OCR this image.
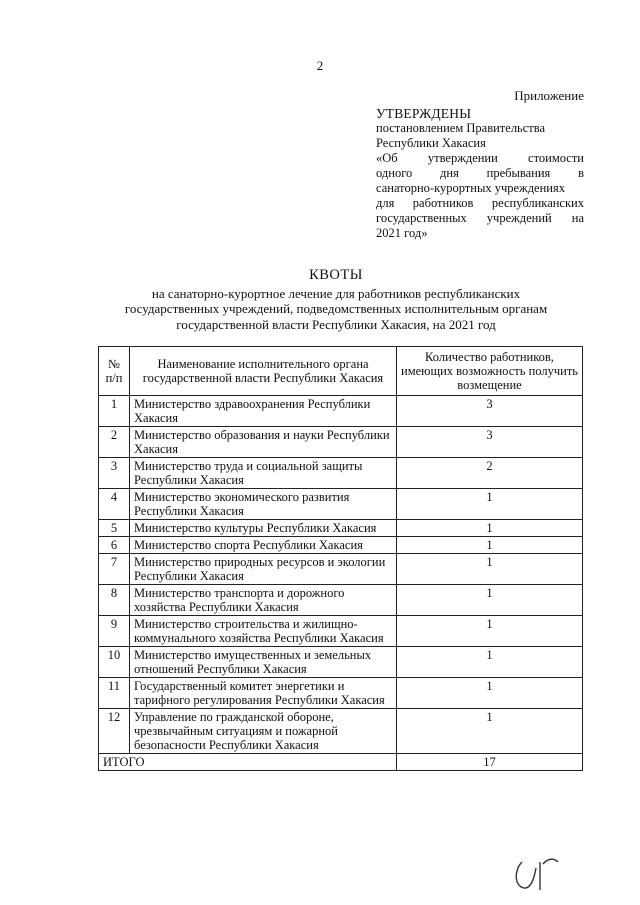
2
Приложение
УТВЕРЖДЕНЫ
постановлением Правительства
Республики Хакасия
«Об утверждении стоимости
одного дня пребывания в
санаторно-курортных учреждениях
для работников республиканских
государственных учреждений на
2021 год»
КВОТЫ
на санаторно-курортное лечение для работников республиканских
государственных учреждений, подведомственных исполнительным органам
государственной власти Республики Хакасия, на 2021 год
№ п/п	Наименование исполнительного органа государственной власти Республики Хакасия	Количество работников, имеющих возможность получить возмещение
1	Министерство здравоохранения Республики Хакасия	3
2	Министерство образования и науки Республики Хакасия	3
3	Министерство труда и социальной защиты Республики Хакасия	2
4	Министерство экономического развития Республики Хакасия	1
5	Министерство культуры Республики Хакасия	1
6	Министерство спорта Республики Хакасия	1
7	Министерство природных ресурсов и экологии Республики Хакасия	1
8	Министерство транспорта и дорожного хозяйства Республики Хакасия	1
9	Министерство строительства и жилищно-коммунального хозяйства Республики Хакасия	1
10	Министерство имущественных и земельных отношений Республики Хакасия	1
11	Государственный комитет энергетики и тарифного регулирования Республики Хакасия	1
12	Управление по гражданской обороне, чрезвычайным ситуациям и пожарной безопасности Республики Хакасия	1
ИТОГО		17
